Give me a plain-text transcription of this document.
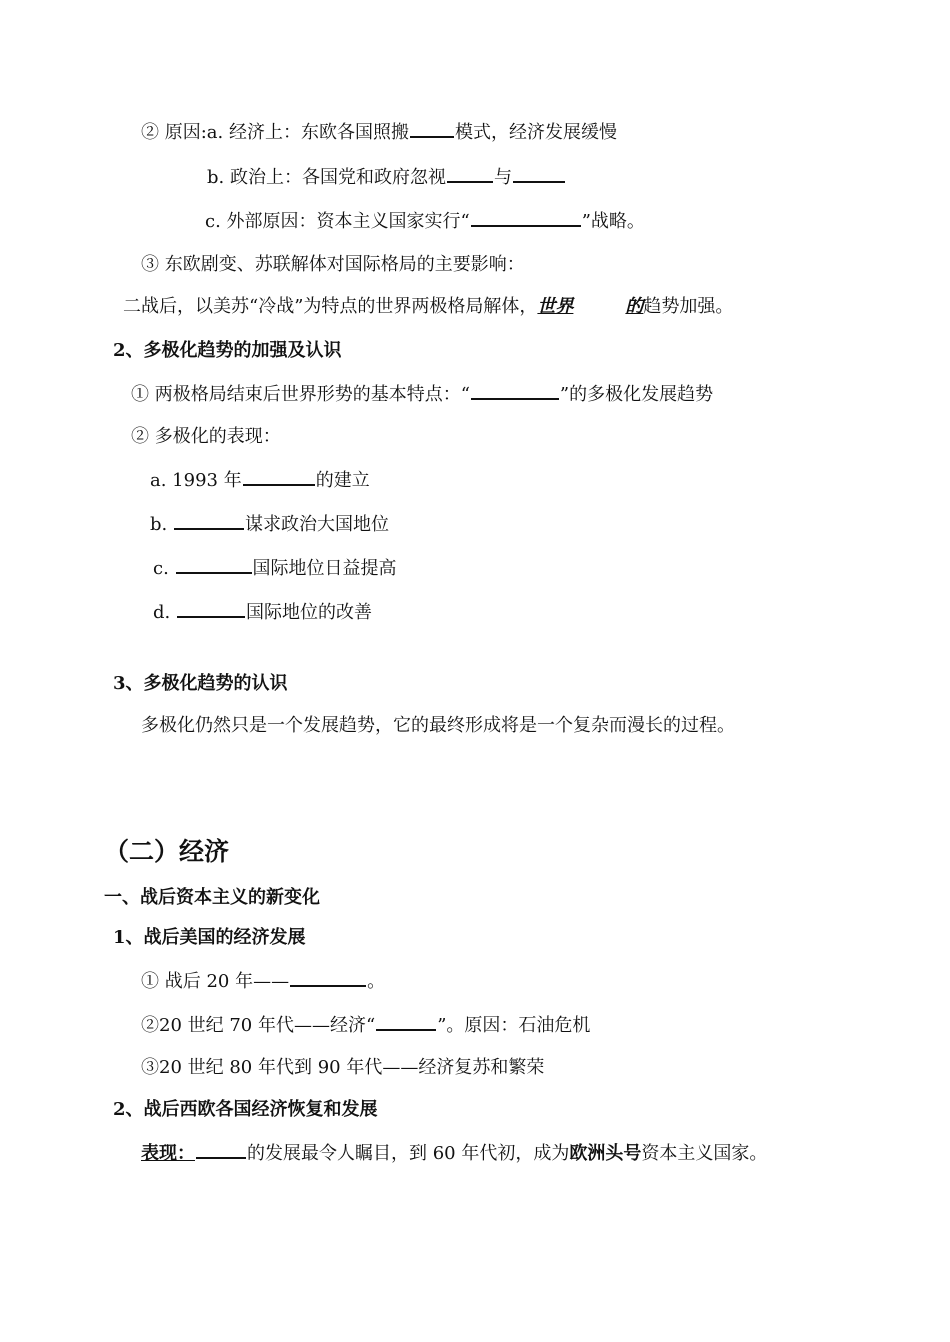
② 原因:a. 经济上：东欧各国照搬	模式，经济发展缓慢
b. 政治上：各国党和政府忽视	与
c. 外部原因：资本主义国家实行“	”战略。
③ 东欧剧变、苏联解体对国际格局的主要影响：
二战后，以美苏“冷战”为特点的世界两极格局解体，世界	的趋势加强。
2、多极化趋势的加强及认识
① 两极格局结束后世界形势的基本特点：“	”的多极化发展趋势
② 多极化的表现：
a. 1993 年	的建立
b.	谋求政治大国地位
c.	国际地位日益提高
d.	国际地位的改善
3、多极化趋势的认识
多极化仍然只是一个发展趋势，它的最终形成将是一个复杂而漫长的过程。
（二）经济
一、战后资本主义的新变化
1、战后美国的经济发展
① 战后 20 年——	。
②20 世纪 70 年代——经济“	”。原因：石油危机
③20 世纪 80 年代到 90 年代——经济复苏和繁荣
2、战后西欧各国经济恢复和发展
表现：	的发展最令人瞩目，到 60 年代初，成为欧洲头号资本主义国家。
